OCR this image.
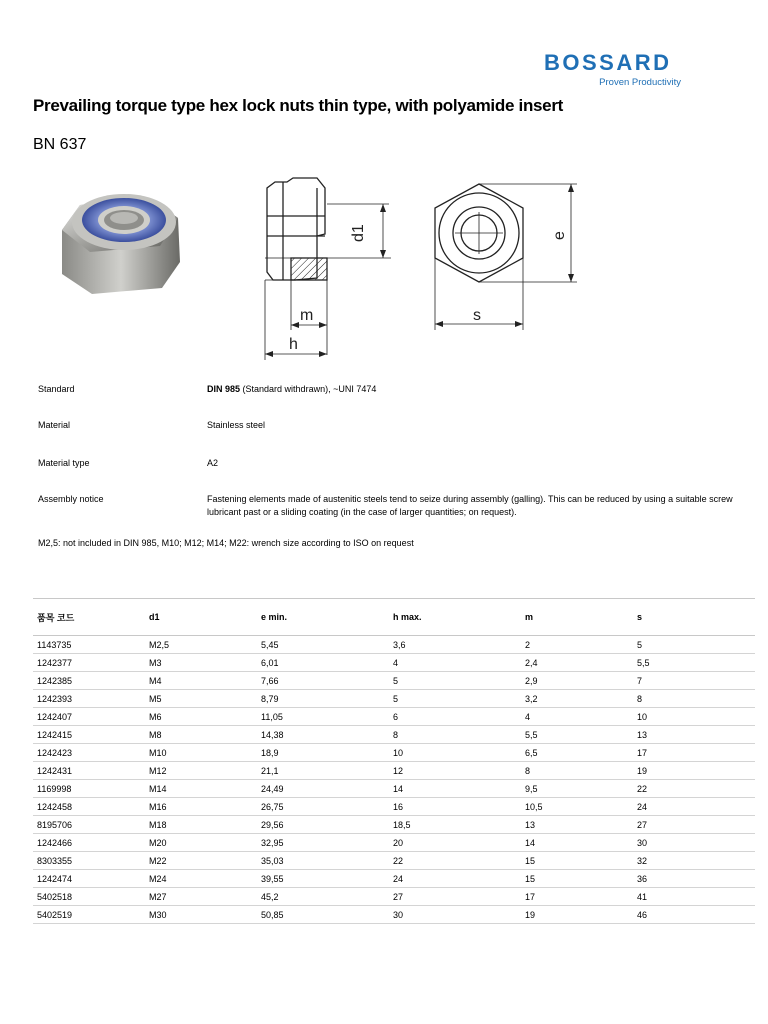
BOSSARD
Proven Productivity
Prevailing torque type hex lock nuts thin type, with polyamide insert
BN 637
d1
m
h
e
s
Standard	DIN 985 (Standard withdrawn), ~UNI 7474
Material	Stainless steel
Material type	A2
Assembly notice	Fastening elements made of austenitic steels tend to seize during assembly (galling). This can be reduced by using a suitable screw lubricant past or a sliding coating (in the case of larger quantities; on request).
M2,5: not included in DIN 985, M10; M12; M14; M22: wrench size according to ISO on request
품목 코드	d1	e min.	h max.	m	s
1143735	M2,5	5,45	3,6	2	5
1242377	M3	6,01	4	2,4	5,5
1242385	M4	7,66	5	2,9	7
1242393	M5	8,79	5	3,2	8
1242407	M6	11,05	6	4	10
1242415	M8	14,38	8	5,5	13
1242423	M10	18,9	10	6,5	17
1242431	M12	21,1	12	8	19
1169998	M14	24,49	14	9,5	22
1242458	M16	26,75	16	10,5	24
8195706	M18	29,56	18,5	13	27
1242466	M20	32,95	20	14	30
8303355	M22	35,03	22	15	32
1242474	M24	39,55	24	15	36
5402518	M27	45,2	27	17	41
5402519	M30	50,85	30	19	46
